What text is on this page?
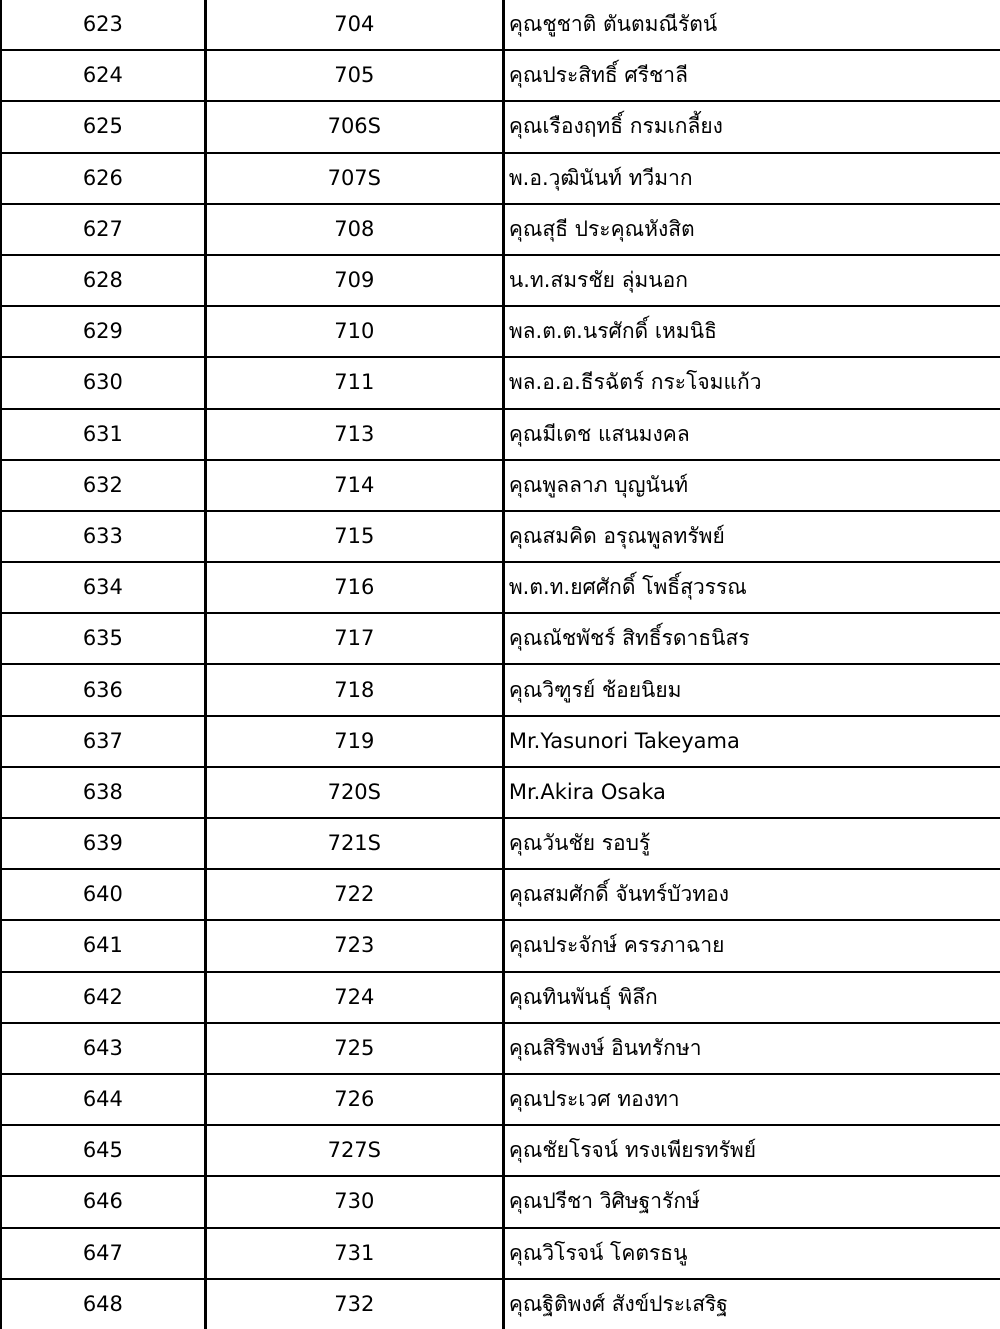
623	704	คุณชูชาติ ตันตมณีรัตน์
624	705	คุณประสิทธิ์ ศรีชาลี
625	706S	คุณเรืองฤทธิ์ กรมเกลี้ยง
626	707S	พ.อ.วุฒินันท์ ทวีมาก
627	708	คุณสุธี ประคุณหังสิต
628	709	น.ท.สมรชัย ลุ่มนอก
629	710	พล.ต.ต.นรศักดิ์ เหมนิธิ
630	711	พล.อ.อ.ธีรฉัตร์ กระโจมแก้ว
631	713	คุณมีเดช แสนมงคล
632	714	คุณพูลลาภ บุญนันท์
633	715	คุณสมคิด อรุณพูลทรัพย์
634	716	พ.ต.ท.ยศศักดิ์ โพธิ์สุวรรณ
635	717	คุณณัชพัชร์ สิทธิ์รดาธนิสร
636	718	คุณวิฑูรย์ ช้อยนิยม
637	719	Mr.Yasunori Takeyama
638	720S	Mr.Akira Osaka
639	721S	คุณวันชัย รอบรู้
640	722	คุณสมศักดิ์ จันทร์บัวทอง
641	723	คุณประจักษ์ ครรภาฉาย
642	724	คุณทินพันธุ์ พิลึก
643	725	คุณสิริพงษ์ อินทรักษา
644	726	คุณประเวศ ทองทา
645	727S	คุณชัยโรจน์ ทรงเพียรทรัพย์
646	730	คุณปรีชา วิศิษฐารักษ์
647	731	คุณวิโรจน์ โคตรธนู
648	732	คุณฐิติพงศ์ สังข์ประเสริฐ
